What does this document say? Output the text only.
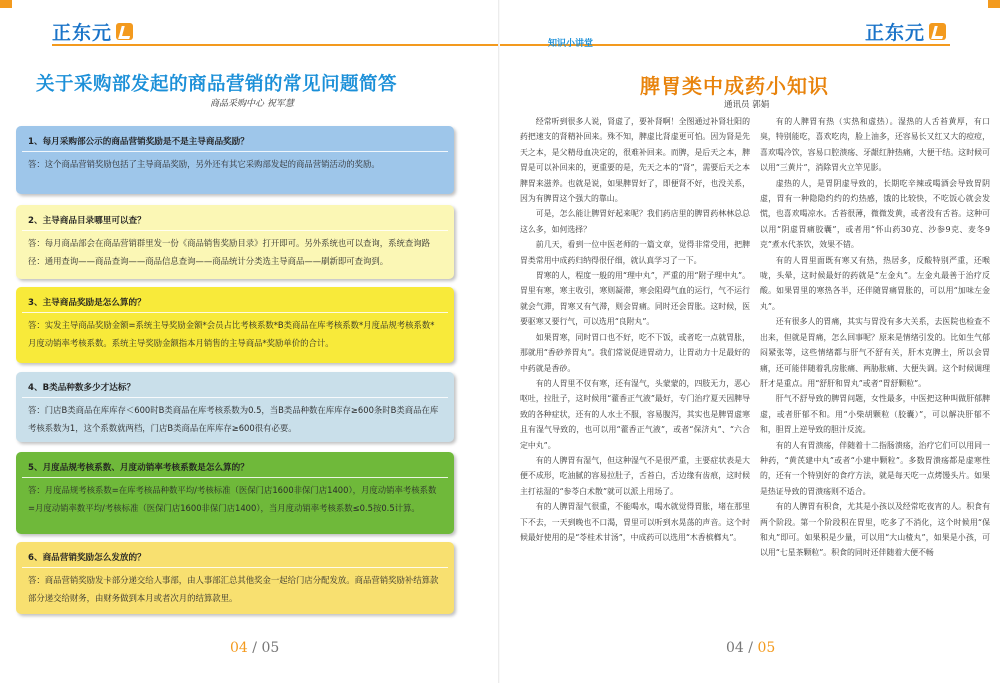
正东元
关于采购部发起的商品营销的常见问题简答
商品采购中心 祝军慧
1、每月采购部公示的商品营销奖励是不是主导商品奖励？
答：这个商品营销奖励包括了主导商品奖励，另外还有其它采购部发起的商品营销活动的奖励。
2、主导商品目录哪里可以查？
答：每月商品部会在商品营销群里发一份《商品销售奖励目录》打开即可。另外系统也可以查询，系统查询路径：通用查询——商品查询——商品信息查询——商品统计分类选主导商品——刷新即可查询到。
3、主导商品奖励是怎么算的？
答：实发主导商品奖励金额=系统主导奖励金额*会员占比考核系数*B类商品在库考核系数*月度品规考核系数*月度动销率考核系数。系统主导奖励金额指本月销售的主导商品*奖励单价的合计。
4、B类品种数多少才达标？
答：门店B类商品在库库存＜600时B类商品在库考核系数为0.5，当B类品种数在库库存≥600条时B类商品在库考核系数为1，这个系数就两档，门店B类商品在库库存≥600很有必要。
5、月度品规考核系数、月度动销率考核系数是怎么算的？
答：月度品规考核系数=在库考核品种数平均/考核标准（医保门店1600非保门店1400），月度动销率考核系数=月度动销率数平均/考核标准（医保门店1600非保门店1400），当月度动销率考核系数≤0.5按0.5计算。
6、商品营销奖励怎么发放的？
答：商品营销奖励发卡部分递交给人事部，由人事部汇总其他奖金一起给门店分配发放。商品营销奖励补结算款部分递交给财务，由财务做到本月或者次月的结算款里。
04 / 05
正东元
知识小讲堂
脾胃类中成药小知识
通讯员 郭娟

经常听到很多人说，肾虚了，要补肾啊！全图通过补肾壮阳的药把速支的肾精补回来。殊不知，脾虚比肾虚更可怕。因为肾是先天之本，是父精母血决定的，很难补回来。而脾，是后天之本，脾胃是可以补回来的，更重要的是，先天之本的“肾”，需要后天之本脾胃来滋养。也就是说，如果脾胃好了，即便肾不好，也没关系，因为有脾胃这个强大的靠山。

可是，怎么能让脾胃好起来呢？我们药店里的脾胃药林林总总这么多，如何选择？

前几天，看到一位中医老师的一篇文章，觉得非常受用，把脾胃类常用中成药归纳得很仔细，就认真学习了一下。

胃寒的人，程度一般的用“理中丸”，严重的用“附子理中丸”。胃里有寒，寒主收引，寒则凝滞，寒会阻碍气血的运行，气不运行就会气滞，胃寒又有气滞，则会胃痛。同时还会胃胀。这时候，医要驱寒又要行气，可以选用“良附丸”。

如果胃寒，同时胃口也不好，吃不下饭，或者吃一点就胃胀，那就用“香砂养胃丸”。我们常说促进胃动力，让胃动力十足最好的中药就是香砂。

有的人胃里不仅有寒，还有湿气，头蒙蒙的，四肢无力，恶心呕吐，拉肚子，这时候用“藿香正气液”最好，专门治疗夏天因脾导致的各种症状，还有的人水土不服，容易腹泻，其实也是脾胃虚寒且有湿气导致的，也可以用“藿香正气液”，或者“保济丸”、“六合定中丸”。

有的人脾胃有湿气，但这种湿气不是很严重，主要症状表是大便不成形，吃油腻的容易拉肚子，舌苔白，舌边缘有齿痕，这时候主打祛湿的“参苓白术散”就可以派上用场了。

有的人脾胃湿气很重，不能喝水，喝水就觉得胃胀，堵在那里下不去，一天到晚也不口渴，胃里可以听到水晃荡的声音。这个时候最好使用的是“苓桂术甘汤”，中成药可以选用“木香槟榔丸”。

有的人脾胃有热（实热和虚热）。湿热的人舌苔黄厚，有口臭，特别能吃，喜欢吃肉，脸上油多，还容易长又红又大的痘痘，喜欢喝冷饮，容易口腔溃疡、牙龈红肿热痛，大便干结。这时候可以用“三黄片”，消除胃火立竿见影。

虚热的人，是胃阴虚导致的，长期吃辛辣或喝酒会导致胃阴虚，胃有一种隐隐约约的灼热感，饿的比较快，不吃饭心就会发慌，也喜欢喝凉水。舌苔很薄，微微发黄，或者没有舌苔。这种可以用“阴虚胃痛胶囊”，或者用“怀山药30克、沙参9克、麦冬9克”煮水代茶饮，效果不错。

有的人胃里面既有寒又有热，热居多，反酸特别严重，还喉咙，头晕，这时候最好的药就是“左金丸”。左金丸最善于治疗反酸。如果胃里的寒热各半，还伴随胃痛胃胀的，可以用“加味左金丸”。

还有很多人的胃痛，其实与胃没有多大关系，去医院也检查不出来，但就是胃痛，怎么回事呢？原来是情绪引发的。比如生气郁闷紧张等，这些情绪都与肝气不舒有关，肝木克脾土，所以会胃痛，还可能伴随着乳房胀痛、两胁胀痛、大便失调。这个时候调理肝才是重点。用“舒肝和胃丸”或者“胃舒颗粒”。

肝气不舒导致的脾胃问题，女性最多，中医把这种叫做肝郁脾虚，或者肝郁不和。用“小柴胡颗粒（胶囊）”，可以解决肝郁不和，胆胃上逆导致的胆汁反流。

有的人有胃溃疡，伴随着十二指肠溃疡，治疗它们可以用同一种药，“黄芪建中丸”或者“小建中颗粒”。多数胃溃疡都是虚寒性的，还有一个特别好的食疗方法，就是每天吃一点烤馒头片。如果是热证导致的胃溃疡则不适合。

有的人脾胃有积食，尤其是小孩以及经常吃夜宵的人。积食有两个阶段。第一个阶段积在胃里，吃多了不消化，这个时候用“保和丸”即可。如果积是少量，可以用“大山楂丸”，如果是小孩，可以用“七星茶颗粒”。积食的同时还伴随着大便不畅

04 / 05
